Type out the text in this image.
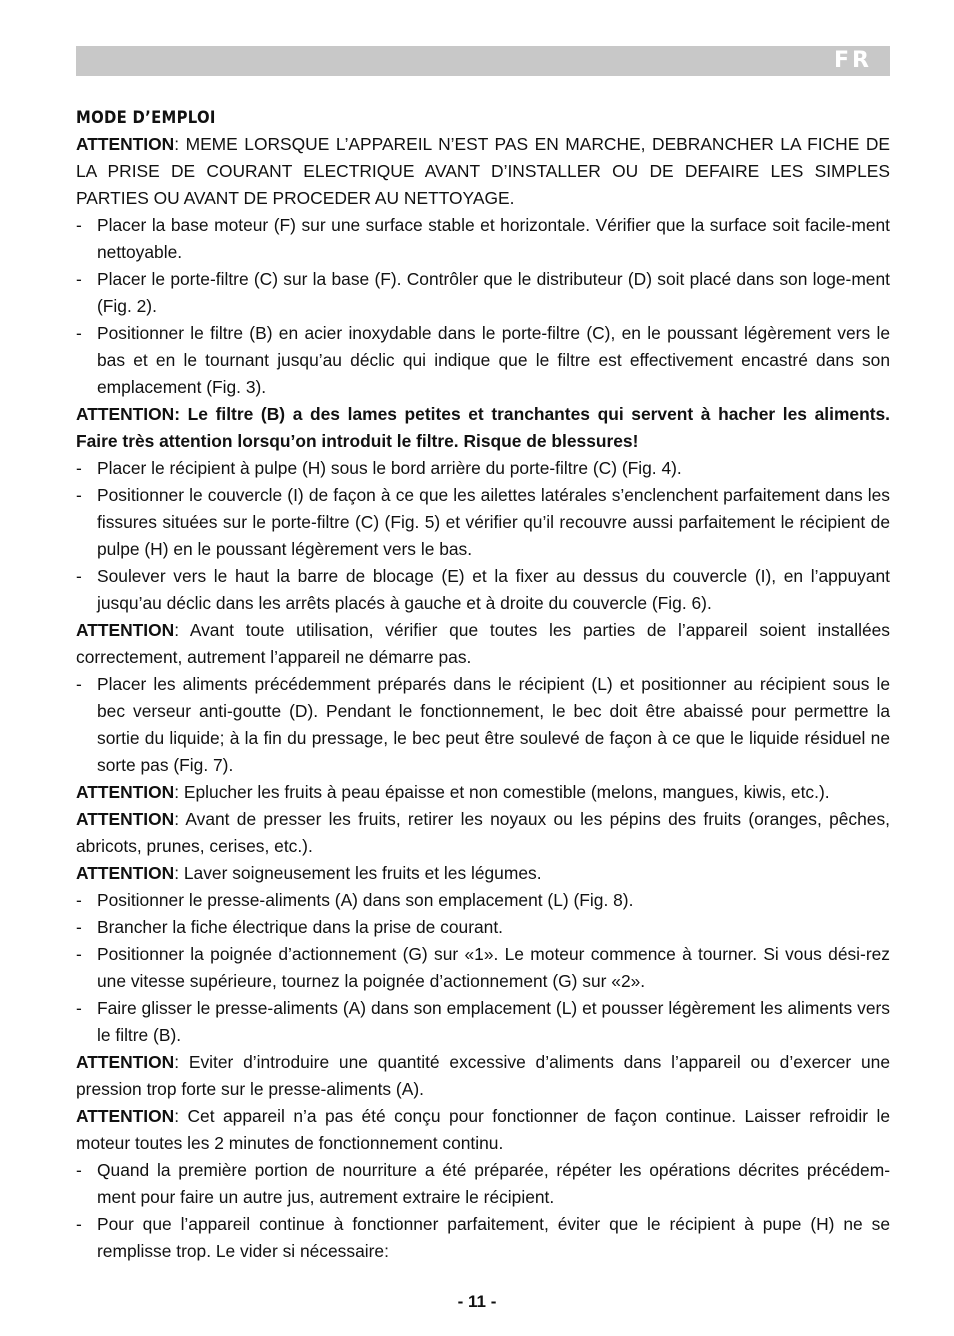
FR
MODE D’EMPLOI
ATTENTION: MEME LORSQUE L’APPAREIL N’EST PAS EN MARCHE, DEBRANCHER LA FICHE DE LA PRISE DE COURANT ELECTRIQUE AVANT D’INSTALLER OU DE DEFAIRE LES SIMPLES PARTIES OU AVANT DE PROCEDER AU NETTOYAGE.
- Placer la base moteur (F) sur une surface stable et horizontale. Vérifier que la surface soit facile-ment nettoyable.
- Placer le porte-filtre (C) sur la base (F). Contrôler que le distributeur (D) soit placé dans son loge-ment (Fig. 2).
- Positionner le filtre (B) en acier inoxydable dans le porte-filtre (C), en le poussant légèrement vers le bas et en le tournant jusqu’au déclic qui indique que le filtre est effectivement encastré dans son emplacement (Fig. 3).
ATTENTION: Le filtre (B) a des lames petites et tranchantes qui servent à hacher les aliments. Faire très attention lorsqu’on introduit le filtre. Risque de blessures!
- Placer le récipient à pulpe (H) sous le bord arrière du porte-filtre (C) (Fig. 4).
- Positionner le couvercle (I) de façon à ce que les ailettes latérales s’enclenchent parfaitement dans les fissures situées sur le porte-filtre (C) (Fig. 5) et vérifier qu’il recouvre aussi parfaitement le récipient de pulpe (H) en le poussant légèrement vers le bas.
- Soulever vers le haut la barre de blocage (E) et la fixer au dessus du couvercle (I), en l’appuyant jusqu’au déclic dans les arrêts placés à gauche et à droite du couvercle (Fig. 6).
ATTENTION: Avant toute utilisation, vérifier que toutes les parties de l’appareil soient installées correctement, autrement l’appareil ne démarre pas.
- Placer les aliments précédemment préparés dans le récipient (L) et positionner au récipient sous le bec verseur anti-goutte (D). Pendant le fonctionnement, le bec doit être abaissé pour permettre la sortie du liquide; à la fin du pressage, le bec peut être soulevé de façon à ce que le liquide résiduel ne sorte pas (Fig. 7).
ATTENTION: Eplucher les fruits à peau épaisse et non comestible (melons, mangues, kiwis, etc.).
ATTENTION: Avant de presser les fruits, retirer les noyaux ou les pépins des fruits (oranges, pêches, abricots, prunes, cerises, etc.).
ATTENTION: Laver soigneusement les fruits et les légumes.
- Positionner le presse-aliments (A) dans son emplacement (L) (Fig. 8).
- Brancher la fiche électrique dans la prise de courant.
- Positionner la poignée d’actionnement (G) sur «1». Le moteur commence à tourner. Si vous dési-rez une vitesse supérieure, tournez la poignée d’actionnement (G) sur «2».
- Faire glisser le presse-aliments (A) dans son emplacement (L) et pousser légèrement les aliments vers le filtre (B).
ATTENTION: Eviter d’introduire une quantité excessive d’aliments dans l’appareil ou d’exercer une pression trop forte sur le presse-aliments (A).
ATTENTION: Cet appareil n’a pas été conçu pour fonctionner de façon continue. Laisser refroidir le moteur toutes les 2 minutes de fonctionnement continu.
- Quand la première portion de nourriture a été préparée, répéter les opérations décrites précédem-ment pour faire un autre jus, autrement extraire le récipient.
- Pour que l’appareil continue à fonctionner parfaitement, éviter que le récipient à pupe (H) ne se remplisse trop. Le vider si nécessaire:
- 11 -
